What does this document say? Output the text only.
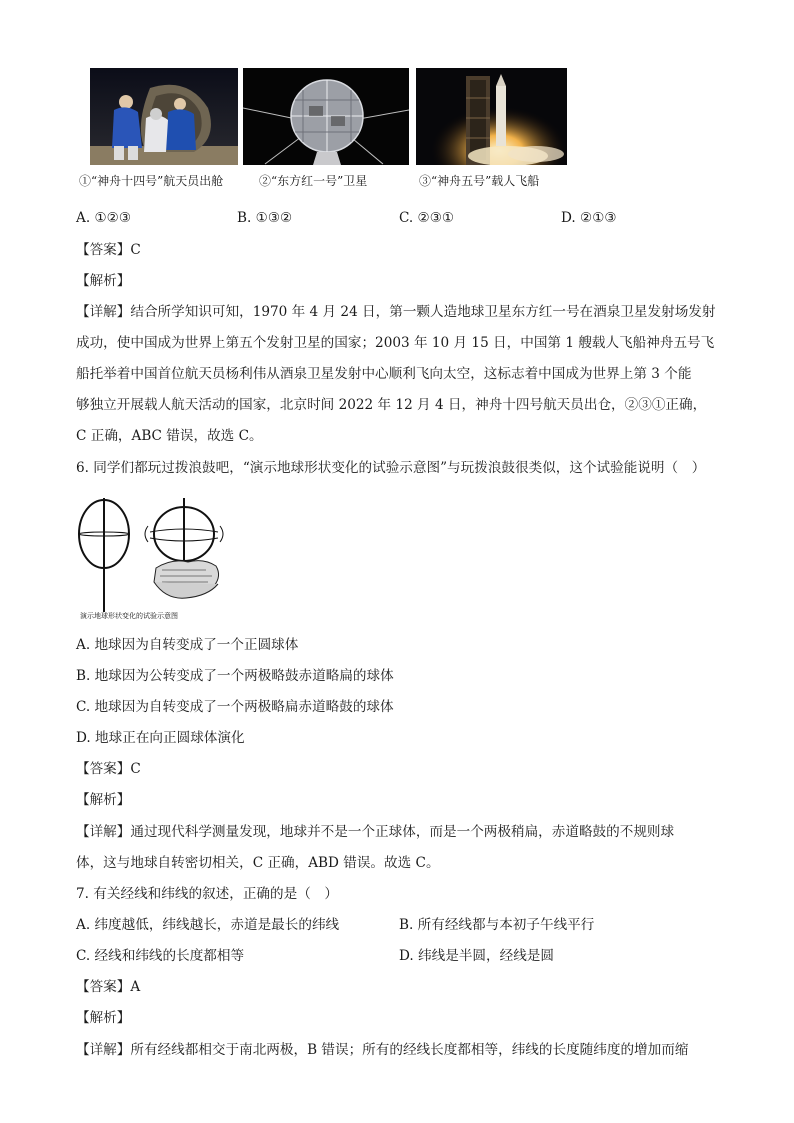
①“神舟十四号”航天员出舱	②“东方红一号”卫星	③“神舟五号”载人飞船
A. ①②③	B. ①③②	C. ②③①	D. ②①③
【答案】C
【解析】
【详解】结合所学知识可知，1970 年 4 月 24 日，第一颗人造地球卫星东方红一号在酒泉卫星发射场发射
成功，使中国成为世界上第五个发射卫星的国家；2003 年 10 月 15 日，中国第 1 艘载人飞船神舟五号飞
船托举着中国首位航天员杨利伟从酒泉卫星发射中心顺利飞向太空，这标志着中国成为世界上第 3 个能
够独立开展载人航天活动的国家，北京时间 2022 年 12 月 4 日，神舟十四号航天员出仓，②③①正确，
C 正确，ABC 错误，故选 C。
6. 同学们都玩过拨浪鼓吧，“演示地球形状变化的试验示意图”与玩拨浪鼓很类似，这个试验能说明（　）
演示地球形状变化的试验示意图
A. 地球因为自转变成了一个正圆球体
B. 地球因为公转变成了一个两极略鼓赤道略扁的球体
C. 地球因为自转变成了一个两极略扁赤道略鼓的球体
D. 地球正在向正圆球体演化
【答案】C
【解析】
【详解】通过现代科学测量发现，地球并不是一个正球体，而是一个两极稍扁，赤道略鼓的不规则球
体，这与地球自转密切相关，C 正确，ABD 错误。故选 C。
7. 有关经线和纬线的叙述，正确的是（　）
A. 纬度越低，纬线越长，赤道是最长的纬线	B. 所有经线都与本初子午线平行
C. 经线和纬线的长度都相等	D. 纬线是半圆，经线是圆
【答案】A
【解析】
【详解】所有经线都相交于南北两极，B 错误；所有的经线长度都相等，纬线的长度随纬度的增加而缩
